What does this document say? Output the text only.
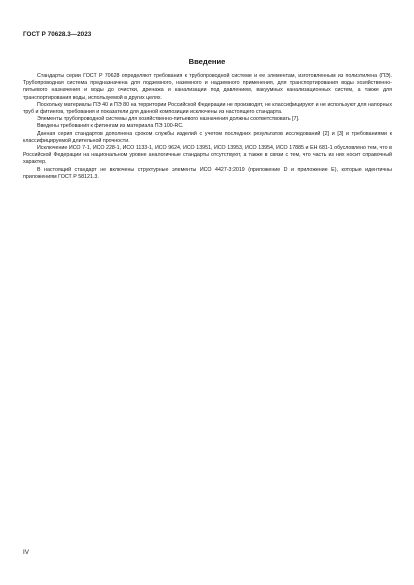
ГОСТ Р 70628.3—2023
Введение

Стандарты серии ГОСТ Р 70628 определяют требования к трубопроводной системе и ее элементам, изготовленным из полиэтилена (ПЭ). Трубопроводная система предназначена для подземного, наземного и надземного применения, для транспортирования воды хозяйственно-питьевого назначения и воды до очистки, дренажа и канализации под давлением, вакуумных канализационных систем, а также для транспортирования воды, используемой в других целях.

Поскольку материалы ПЭ 40 и ПЭ 80 на территории Российской Федерации не производят, не классифицируют и не используют для напорных труб и фитингов, требования и показатели для данной композиции исключены из настоящего стандарта.

Элементы трубопроводной системы для хозяйственно-питьевого назначения должны соответствовать [7].

Введены требования к фитингам из материала ПЭ 100-RC.

Данная серия стандартов дополнена сроком службы изделий с учетом последних результатов исследований [2] и [3] и требованиями к классифицируемой длительной прочности.

Исключение ИСО 7-1, ИСО 228-1, ИСО 1133-1, ИСО 9624, ИСО 13951, ИСО 13953, ИСО 13954, ИСО 17885 и ЕН 681-1 обусловлено тем, что в Российской Федерации на национальном уровне аналогичные стандарты отсутствуют, а также в связи с тем, что часть из них носит справочный характер.

В настоящий стандарт не включены структурные элементы ИСО 4427-3:2019 (приложение D и приложение E), которые идентичны приложениям ГОСТ Р 58121.3.

IV
